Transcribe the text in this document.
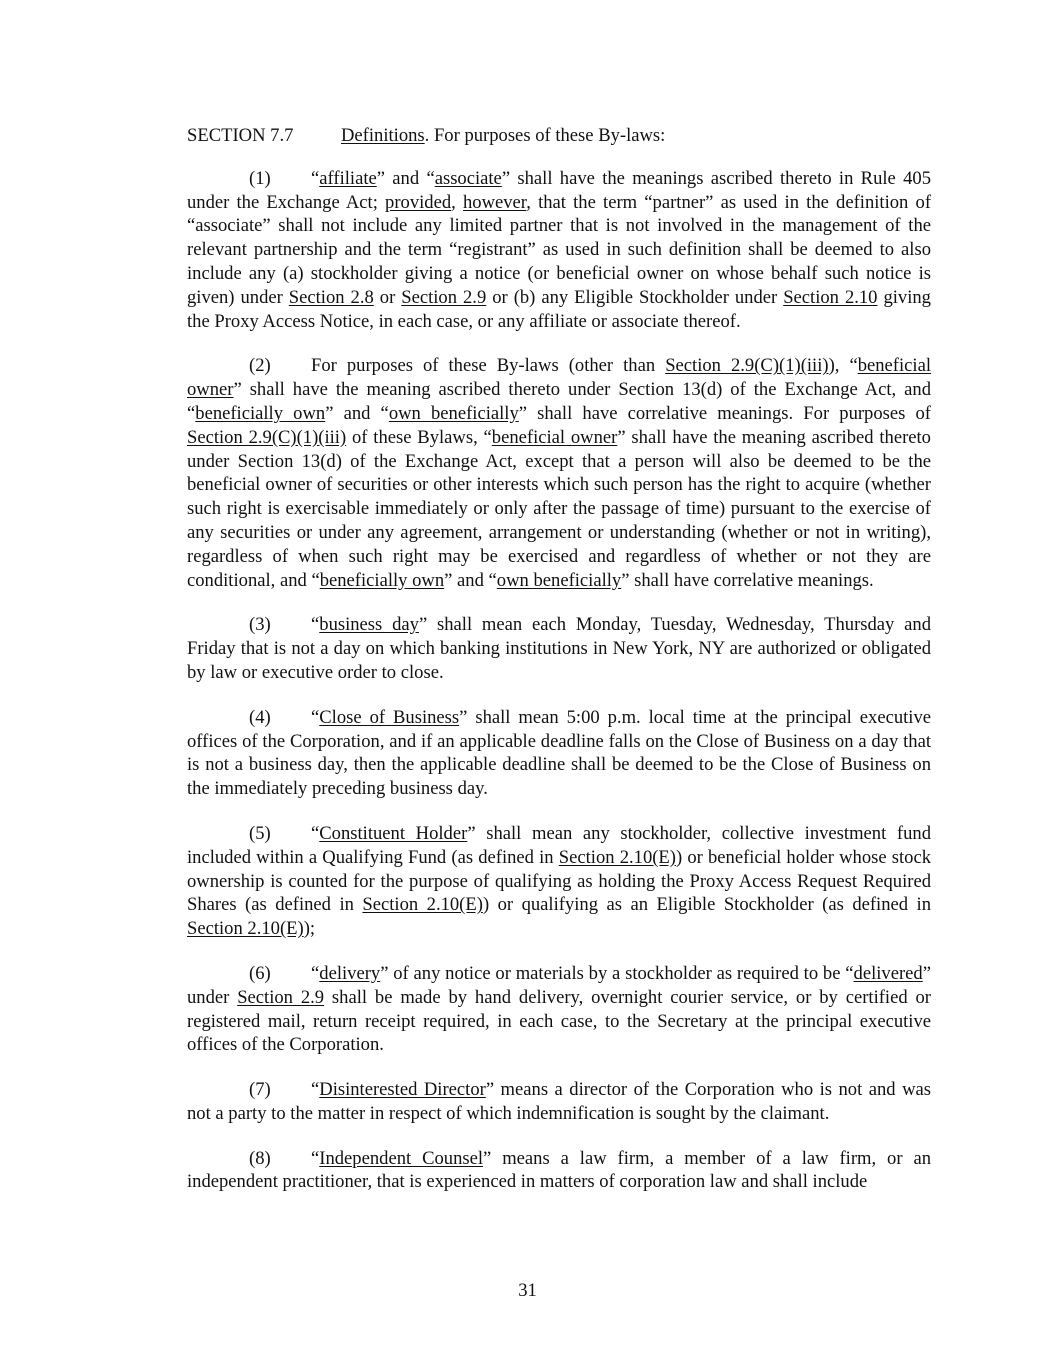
SECTION 7.7	Definitions. For purposes of these By-laws:

(1) “affiliate” and “associate” shall have the meanings ascribed thereto in Rule 405 under the Exchange Act; provided, however, that the term “partner” as used in the definition of “associate” shall not include any limited partner that is not involved in the management of the relevant partnership and the term “registrant” as used in such definition shall be deemed to also include any (a) stockholder giving a notice (or beneficial owner on whose behalf such notice is given) under Section 2.8 or Section 2.9 or (b) any Eligible Stockholder under Section 2.10 giving the Proxy Access Notice, in each case, or any affiliate or associate thereof.

(2) For purposes of these By-laws (other than Section 2.9(C)(1)(iii)), “beneficial owner” shall have the meaning ascribed thereto under Section 13(d) of the Exchange Act, and “beneficially own” and “own beneficially” shall have correlative meanings. For purposes of Section 2.9(C)(1)(iii) of these Bylaws, “beneficial owner” shall have the meaning ascribed thereto under Section 13(d) of the Exchange Act, except that a person will also be deemed to be the beneficial owner of securities or other interests which such person has the right to acquire (whether such right is exercisable immediately or only after the passage of time) pursuant to the exercise of any securities or under any agreement, arrangement or understanding (whether or not in writing), regardless of when such right may be exercised and regardless of whether or not they are conditional, and “beneficially own” and “own beneficially” shall have correlative meanings.

(3) “business day” shall mean each Monday, Tuesday, Wednesday, Thursday and Friday that is not a day on which banking institutions in New York, NY are authorized or obligated by law or executive order to close.

(4) “Close of Business” shall mean 5:00 p.m. local time at the principal executive offices of the Corporation, and if an applicable deadline falls on the Close of Business on a day that is not a business day, then the applicable deadline shall be deemed to be the Close of Business on the immediately preceding business day.

(5) “Constituent Holder” shall mean any stockholder, collective investment fund included within a Qualifying Fund (as defined in Section 2.10(E)) or beneficial holder whose stock ownership is counted for the purpose of qualifying as holding the Proxy Access Request Required Shares (as defined in Section 2.10(E)) or qualifying as an Eligible Stockholder (as defined in Section 2.10(E));

(6) “delivery” of any notice or materials by a stockholder as required to be “delivered” under Section 2.9 shall be made by hand delivery, overnight courier service, or by certified or registered mail, return receipt required, in each case, to the Secretary at the principal executive offices of the Corporation.

(7) “Disinterested Director” means a director of the Corporation who is not and was not a party to the matter in respect of which indemnification is sought by the claimant.

(8) “Independent Counsel” means a law firm, a member of a law firm, or an independent practitioner, that is experienced in matters of corporation law and shall include

31
